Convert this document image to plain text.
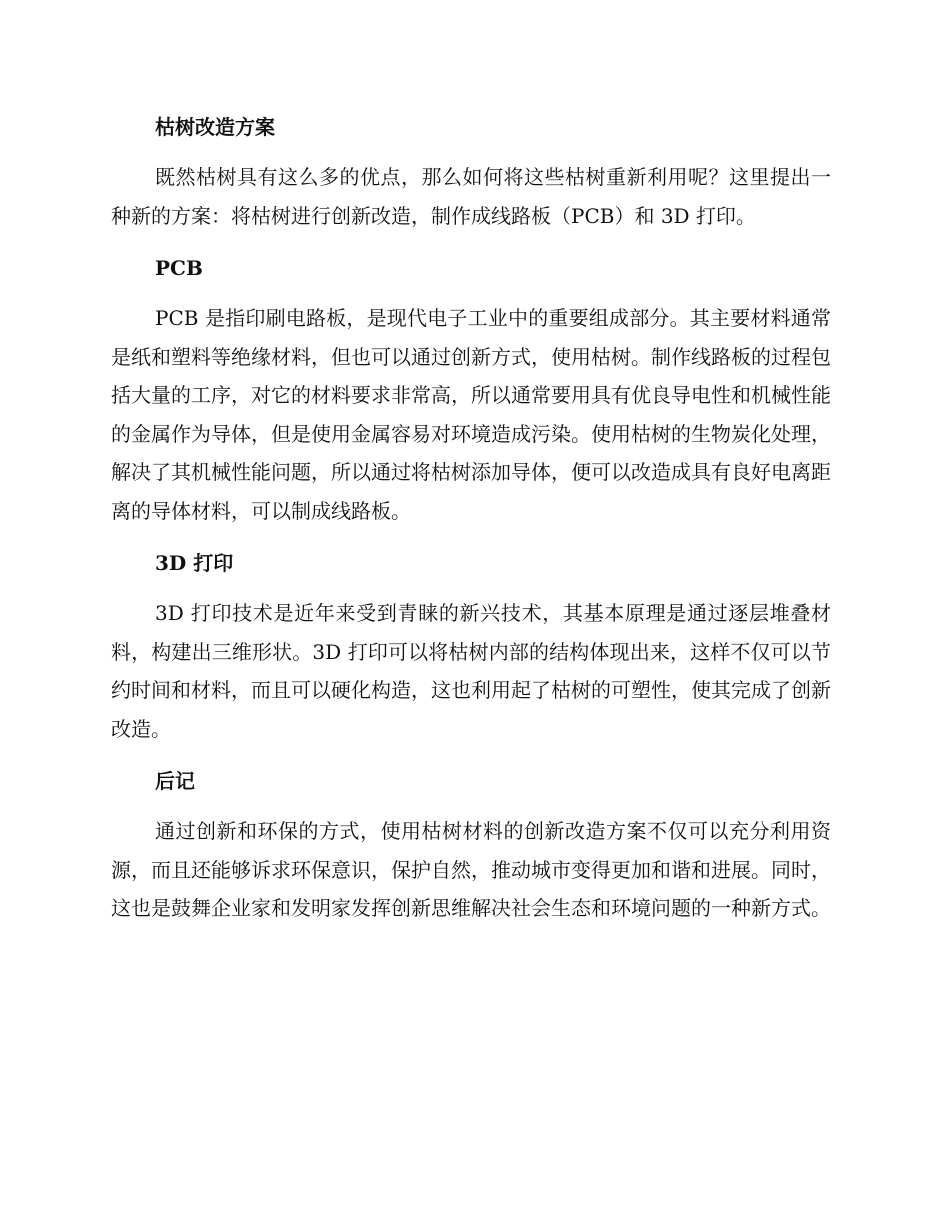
枯树改造方案

既然枯树具有这么多的优点，那么如何将这些枯树重新利用呢？这里提出一种新的方案：将枯树进行创新改造，制作成线路板（PCB）和 3D 打印。

PCB

PCB 是指印刷电路板，是现代电子工业中的重要组成部分。其主要材料通常是纸和塑料等绝缘材料，但也可以通过创新方式，使用枯树。制作线路板的过程包括大量的工序，对它的材料要求非常高，所以通常要用具有优良导电性和机械性能的金属作为导体，但是使用金属容易对环境造成污染。使用枯树的生物炭化处理，解决了其机械性能问题，所以通过将枯树添加导体，便可以改造成具有良好电离距离的导体材料，可以制成线路板。

3D 打印

3D 打印技术是近年来受到青睐的新兴技术，其基本原理是通过逐层堆叠材料，构建出三维形状。3D 打印可以将枯树内部的结构体现出来，这样不仅可以节约时间和材料，而且可以硬化构造，这也利用起了枯树的可塑性，使其完成了创新改造。

后记

通过创新和环保的方式，使用枯树材料的创新改造方案不仅可以充分利用资源，而且还能够诉求环保意识，保护自然，推动城市变得更加和谐和进展。同时，这也是鼓舞企业家和发明家发挥创新思维解决社会生态和环境问题的一种新方式。
